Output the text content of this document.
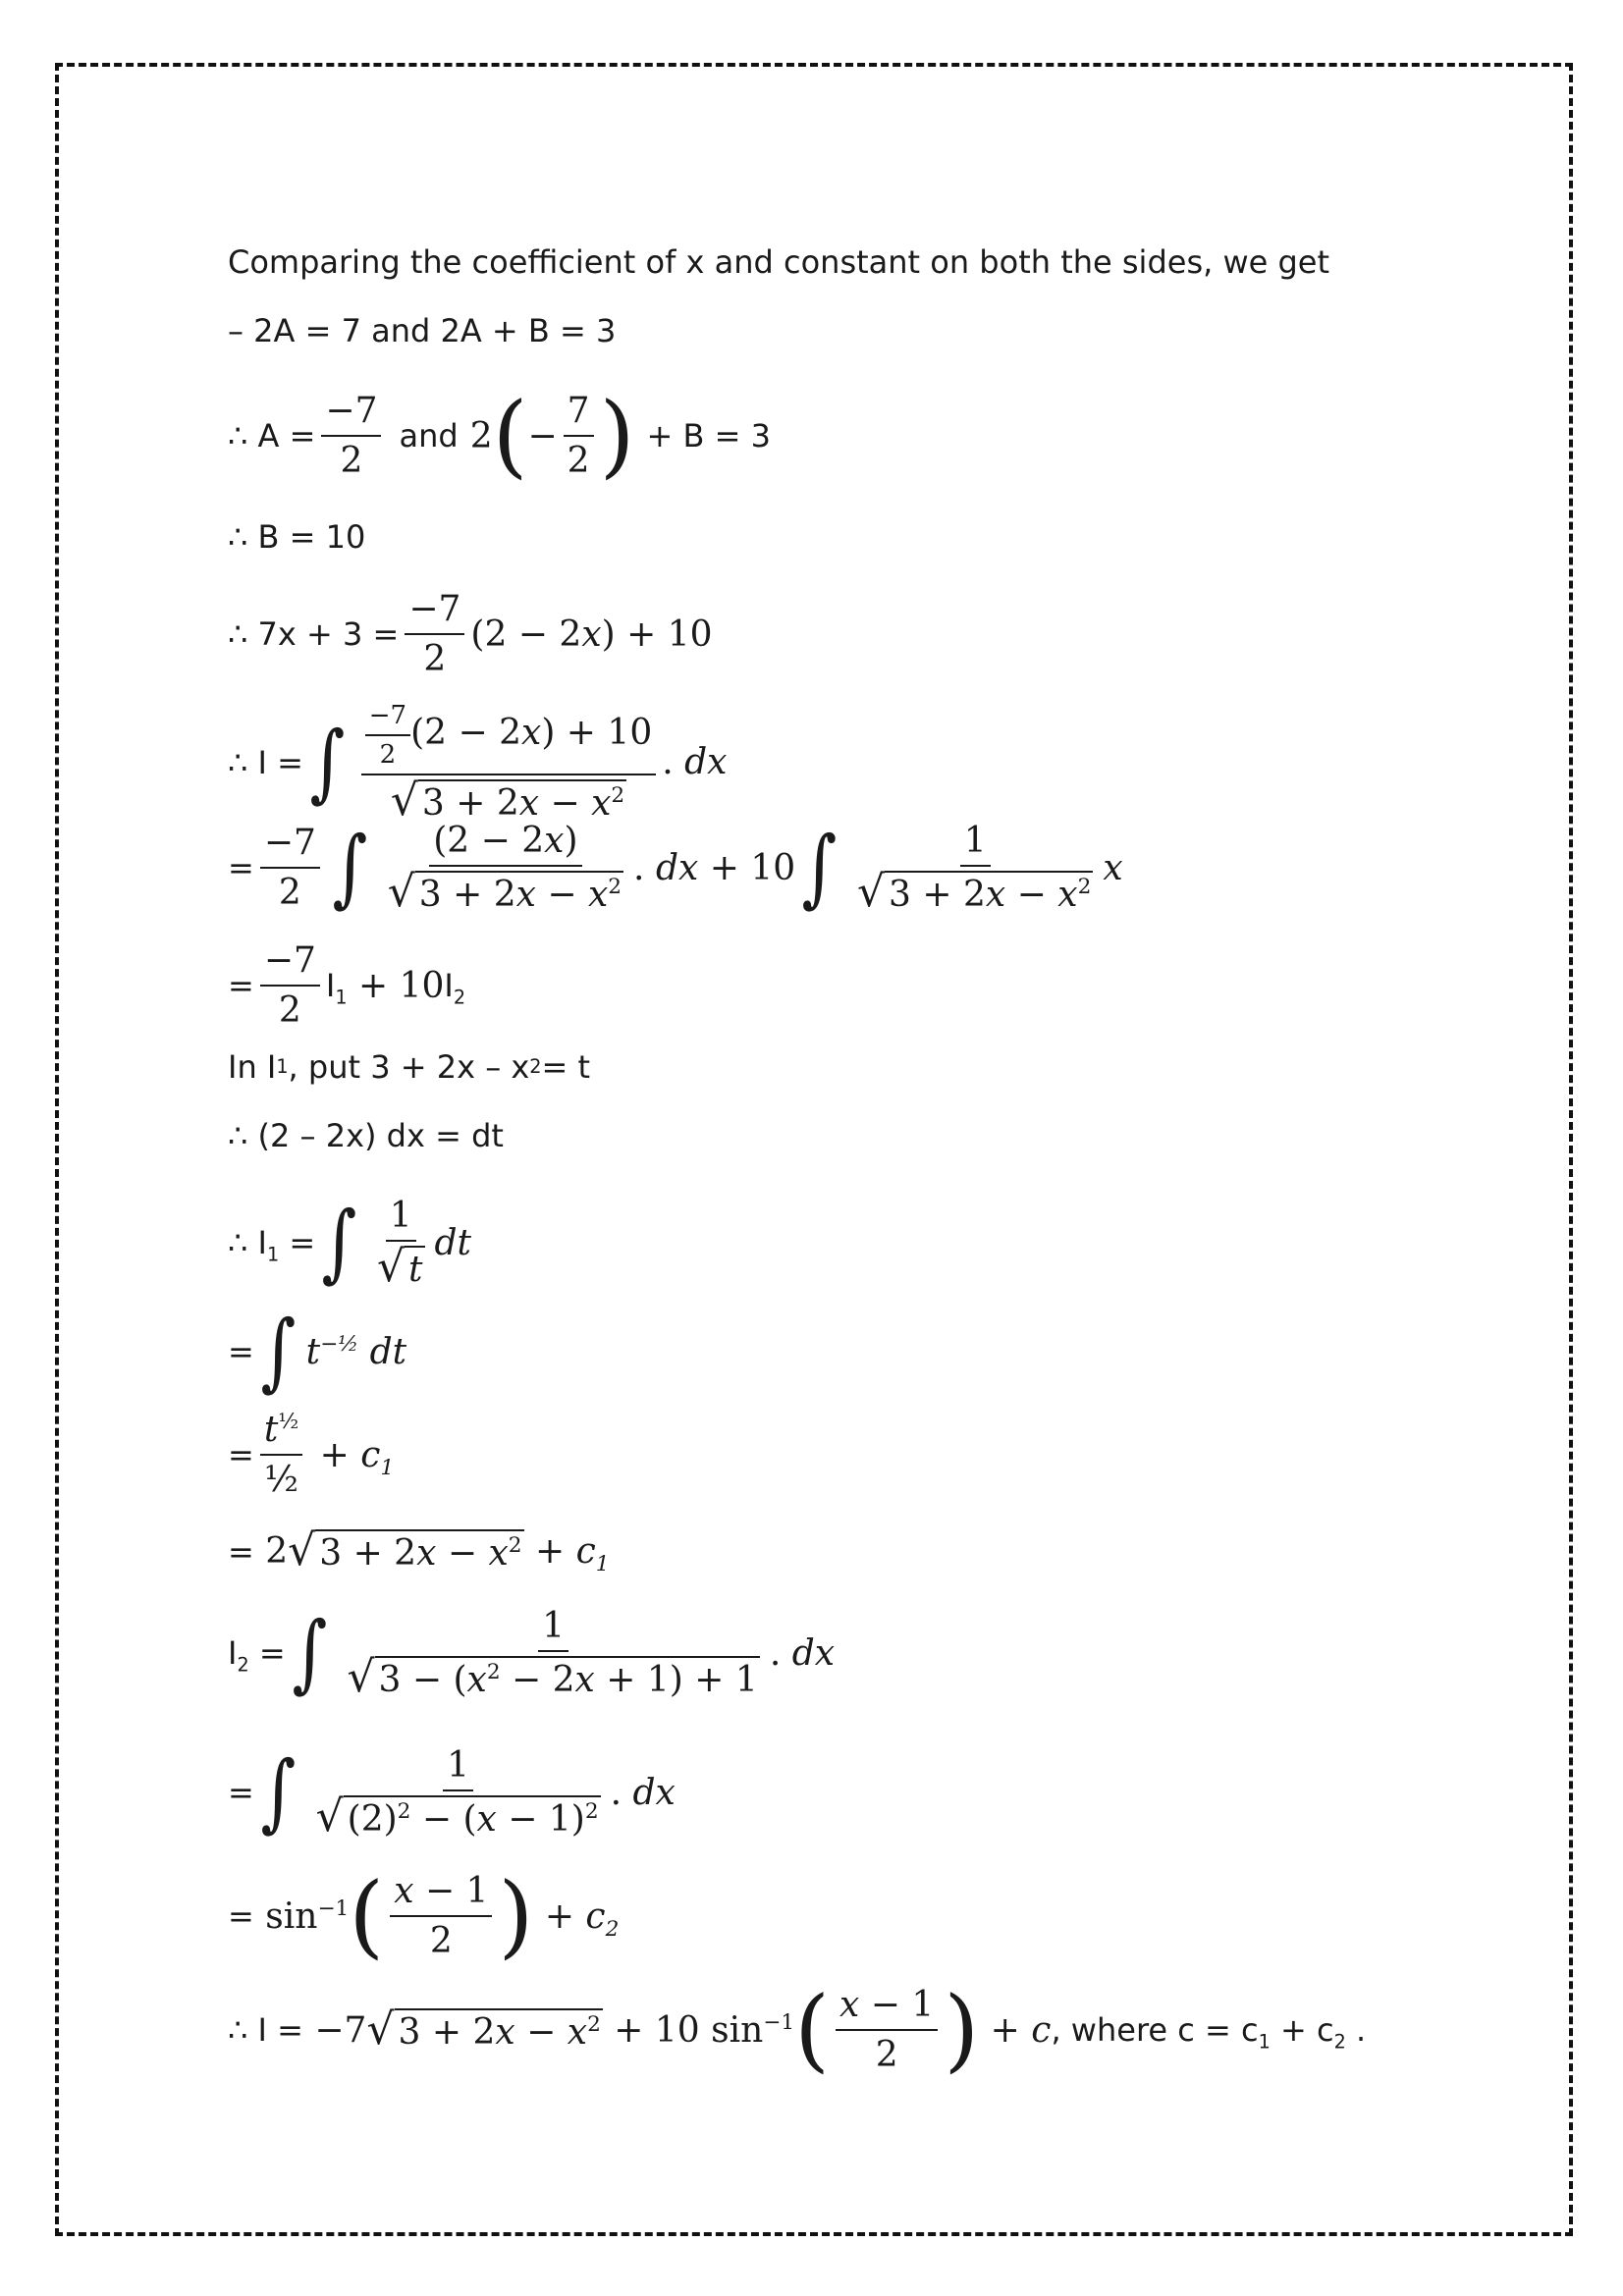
Comparing the coefficient of x and constant on both the sides, we get
– 2A = 7 and 2A + B = 3
∴ $A = \frac{-7}{2}$ and 2 ( − $\frac{7}{2}$ ) + B = 3
∴ B = 10
∴ $7x + 3 = \frac{-7}{2} (2 - 2x) + 10$
∴ I = ∫ $\frac{\frac{-7}{2} (2 - 2x) + 10}{√ 3 + 2x - x^2}$ . dx
= $\frac{-7}{2}$ ∫ $\frac{(2 - 2x)}{√ 3 + 2x - x^2}$ . dx + 10 ∫ $\frac{1}{√ 3 + 2x - x^2}$ x
= $\frac{-7}{2} I_1 + 10$ $I_2$
In I 1 , put 3 + 2x – x 2 = t
∴ (2 – 2x) dx = dt
∴ $I_1$ = ∫ $\frac{1}{√ t}$ dt
= ∫ $t^{-\frac{1}{2}}$ dt
= $\frac{t^{\frac{1}{2}}}{\text{½}} + c_1$
= 2 √ $3 + 2x - x^2 + c_1$
$I_2$ = ∫ $\frac{1}{√ 3 - (x^2 - 2x + 1) + 1}$ . dx
= ∫ $\frac{1}{√ (2)^2 - (x - 1)^2}$ . dx
= $\sin^{-1}$ ( $\frac{x - 1}{2}$ ) + $c_2$
∴ I = −7 √ $3 + 2x - x^2 + 10$ $\sin^{-1}$ ( $\frac{x - 1}{2}$ ) + c , where $c = c_1 + c_2$ .
